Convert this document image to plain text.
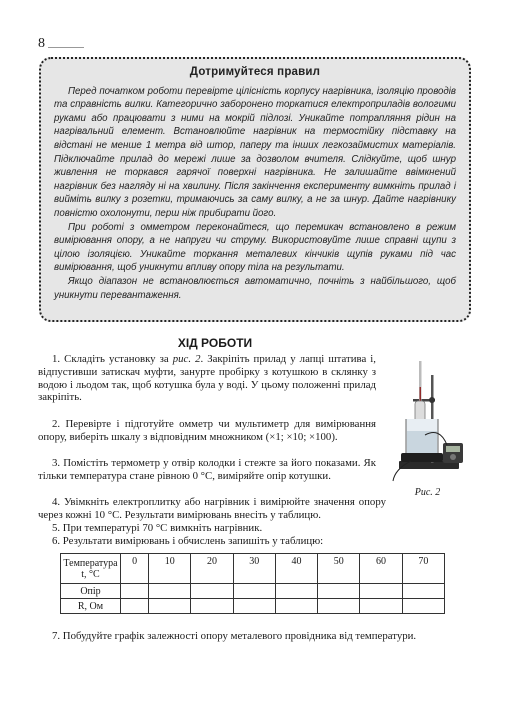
8
Дотримуйтеся правил

Перед початком роботи перевірте цілісність корпусу нагрівника, ізоляцію проводів та справність вилки. Категорично заборонено торкатися електроприладів вологими руками або працювати з ними на мокрій підлозі. Уникайте потрапляння рідин на нагрівальний елемент. Встановлюйте нагрівник на термостійку підставку на відстані не менше 1 метра від штор, паперу та інших легкозаймистих матеріалів. Підключайте прилад до мережі лише за дозволом вчителя. Слідкуйте, щоб шнур живлення не торкався гарячої поверхні нагрівника. Не залишайте ввімкнений нагрівник без нагляду ні на хвилину. Після закінчення експерименту вимкніть прилад і вийміть вилку з розетки, тримаючись за саму вилку, а не за шнур. Дайте нагрівнику повністю охолонути, перш ніж прибирати його.

При роботі з омметром переконайтеся, що перемикач встановлено в режим вимірювання опору, а не напруги чи струму. Використовуйте лише справні щупи з цілою ізоляцією. Уникайте торкання металевих кінчиків щупів руками під час вимірювання, щоб уникнути впливу опору тіла на результати.

Якщо діапазон не встановлюється автоматично, почніть з найбільшого, щоб уникнути перевантаження.

ХІД РОБОТИ

1. Складіть установку за рис. 2. Закріпіть прилад у лапці штатива і, відпустивши затискач муфти, занурте пробірку з котушкою в склянку з водою і льодом так, щоб котушка була у воді. У цьому положенні прилад закріпіть.

2. Перевірте і підготуйте омметр чи мультиметр для вимірювання опору, виберіть шкалу з відповідним множником (×1; ×10; ×100).

3. Помістіть термометр у отвір колодки і стежте за його показами. Як тільки температура стане рівною 0 °С, виміряйте опір котушки.

4. Увімкніть електроплитку або нагрівник і вимірюйте значення опору через кожні 10 °С. Результати вимірювань внесіть у таблицю.

5. При температурі 70 °С вимкніть нагрівник.

6. Результати вимірювань і обчислень запишіть у таблицю:

Рис. 2
Температура t, °С	0	10	20	30	40	50	60	70
Опір								
R, Ом								

7. Побудуйте графік залежності опору металевого провідника від температури.
